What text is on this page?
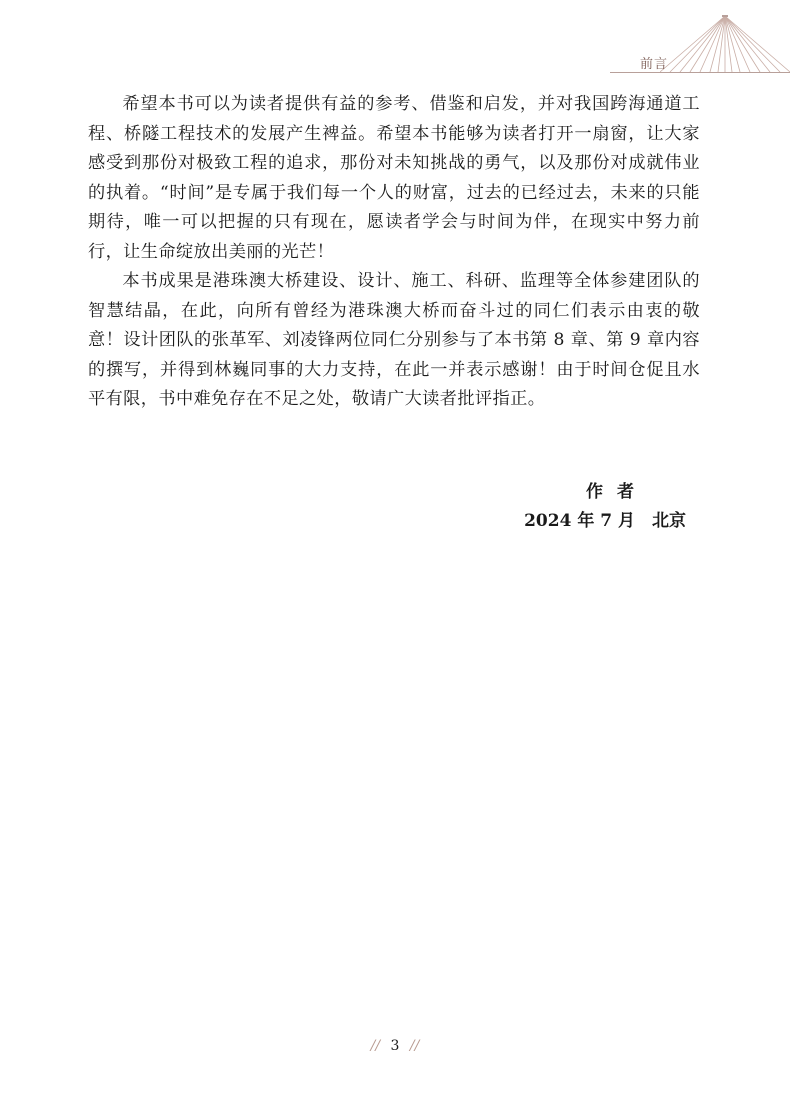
前言

希望本书可以为读者提供有益的参考、借鉴和启发，并对我国跨海通道工程、桥隧工程技术的发展产生裨益。希望本书能够为读者打开一扇窗，让大家感受到那份对极致工程的追求，那份对未知挑战的勇气，以及那份对成就伟业的执着。“时间”是专属于我们每一个人的财富，过去的已经过去，未来的只能期待，唯一可以把握的只有现在，愿读者学会与时间为伴，在现实中努力前行，让生命绽放出美丽的光芒！

本书成果是港珠澳大桥建设、设计、施工、科研、监理等全体参建团队的智慧结晶，在此，向所有曾经为港珠澳大桥而奋斗过的同仁们表示由衷的敬意！设计团队的张革军、刘凌锋两位同仁分别参与了本书第 8 章、第 9 章内容的撰写，并得到林巍同事的大力支持，在此一并表示感谢！由于时间仓促且水平有限，书中难免存在不足之处，敬请广大读者批评指正。

作者
2024 年 7 月　北京
// 3 //
